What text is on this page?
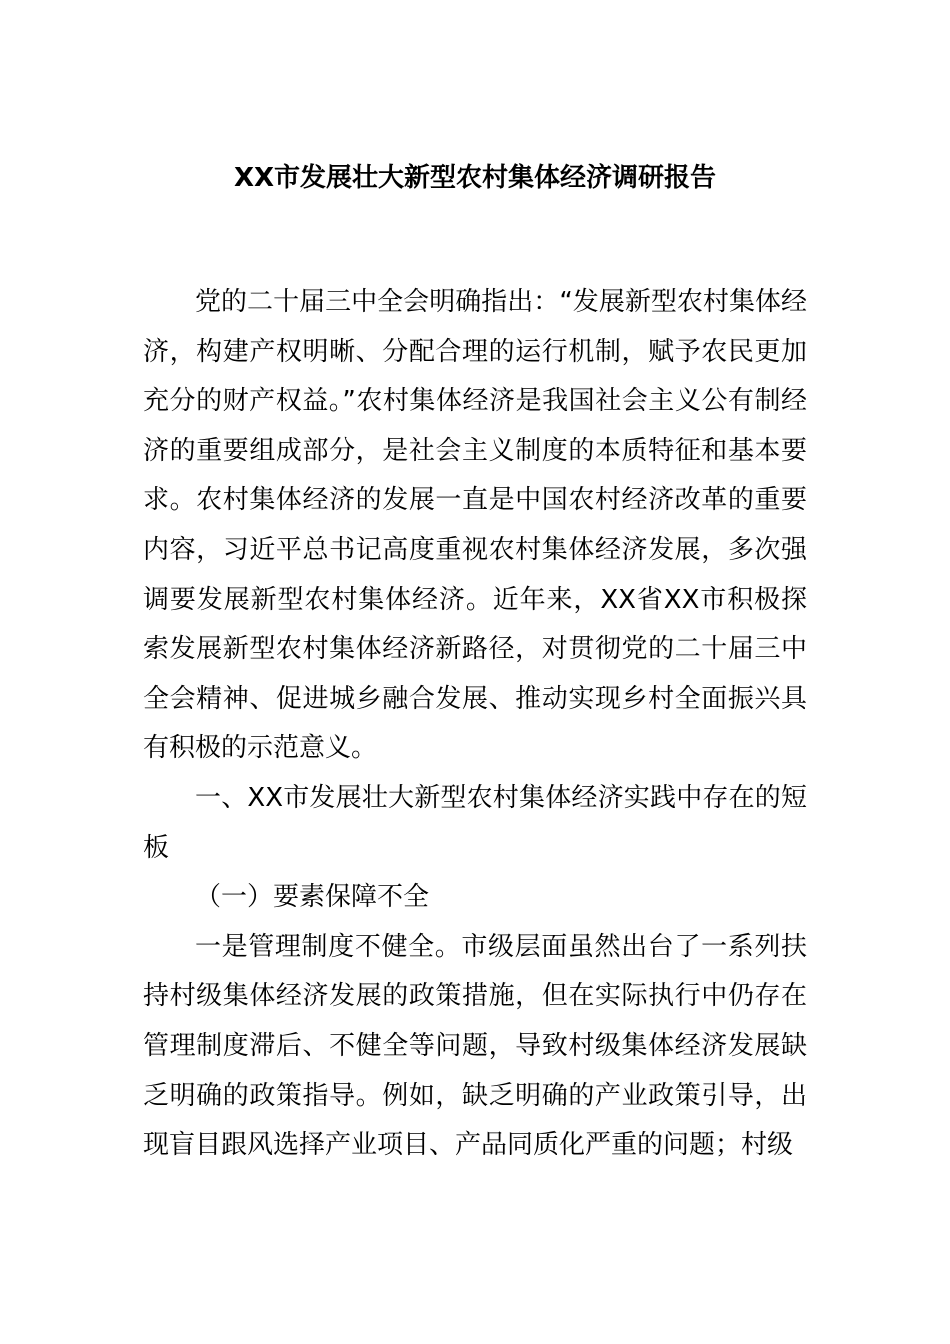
XX市发展壮大新型农村集体经济调研报告

党的二十届三中全会明确指出：“发展新型农村集体经济，构建产权明晰、分配合理的运行机制，赋予农民更加充分的财产权益。”农村集体经济是我国社会主义公有制经济的重要组成部分，是社会主义制度的本质特征和基本要求。农村集体经济的发展一直是中国农村经济改革的重要内容，习近平总书记高度重视农村集体经济发展，多次强调要发展新型农村集体经济。近年来，XX省XX市积极探索发展新型农村集体经济新路径，对贯彻党的二十届三中全会精神、促进城乡融合发展、推动实现乡村全面振兴具有积极的示范意义。

一、XX市发展壮大新型农村集体经济实践中存在的短板

（一）要素保障不全

一是管理制度不健全。市级层面虽然出台了一系列扶持村级集体经济发展的政策措施，但在实际执行中仍存在管理制度滞后、不健全等问题，导致村级集体经济发展缺乏明确的政策指导。例如，缺乏明确的产业政策引导，出现盲目跟风选择产业项目、产品同质化严重的问题；村级
